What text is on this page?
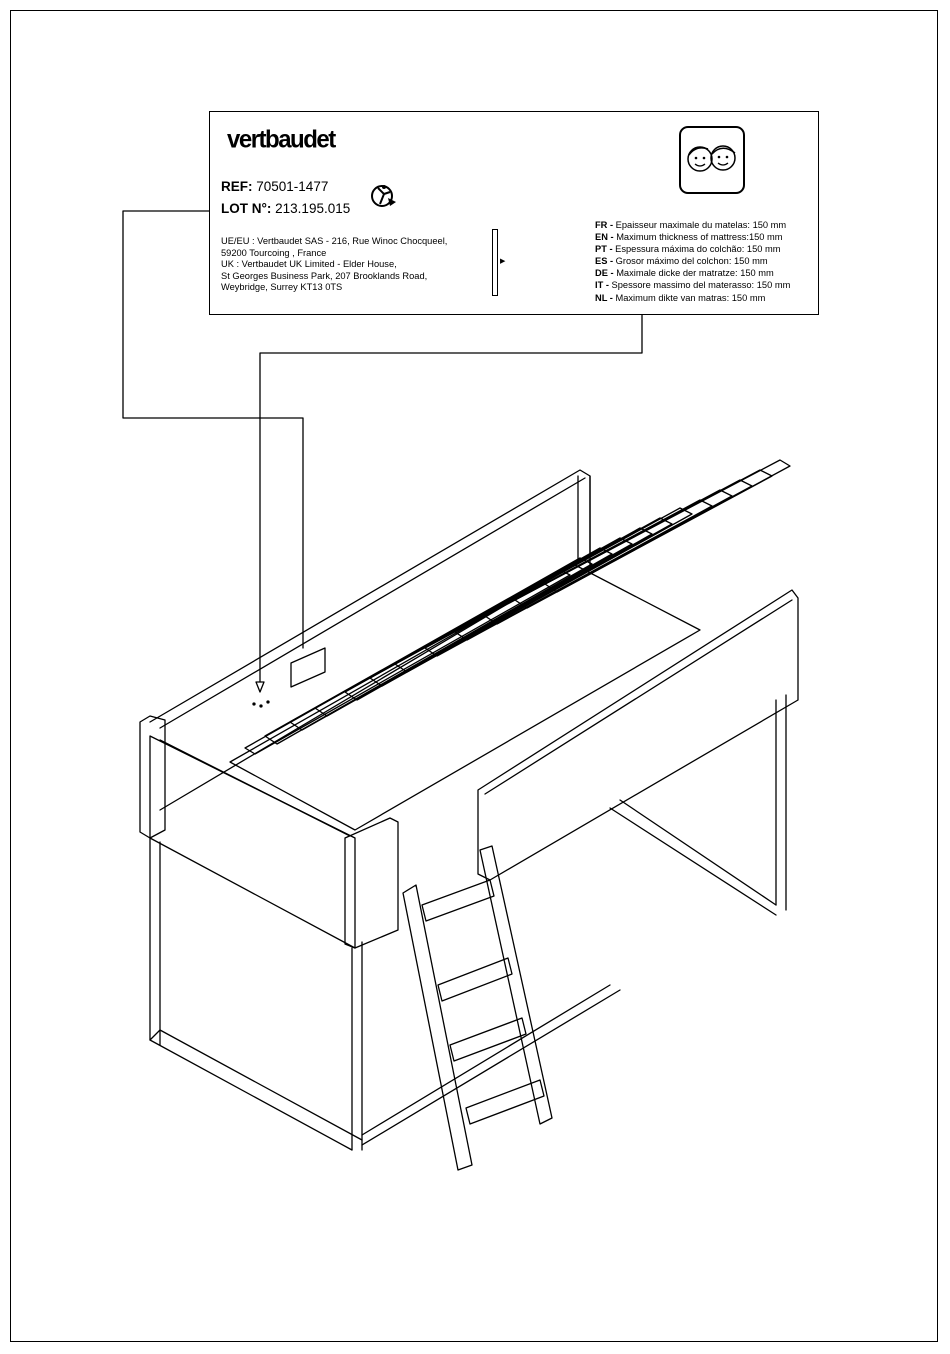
vertbaudet
REF: 70501-1477
LOT N°: 213.195.015
UE/EU : Vertbaudet SAS - 216, Rue Winoc Chocqueel,
59200 Tourcoing , France
UK : Vertbaudet UK Limited - Elder House,
St Georges Business Park, 207 Brooklands Road,
Weybridge, Surrey KT13 0TS
▶
FR - Epaisseur maximale du matelas: 150 mm
EN - Maximum thickness of mattress:150 mm
PT - Espessura máxima do colchão: 150 mm
ES - Grosor máximo del colchon: 150 mm
DE - Maximale dicke der matratze: 150 mm
IT - Spessore massimo del materasso: 150 mm
NL - Maximum dikte van matras: 150 mm
